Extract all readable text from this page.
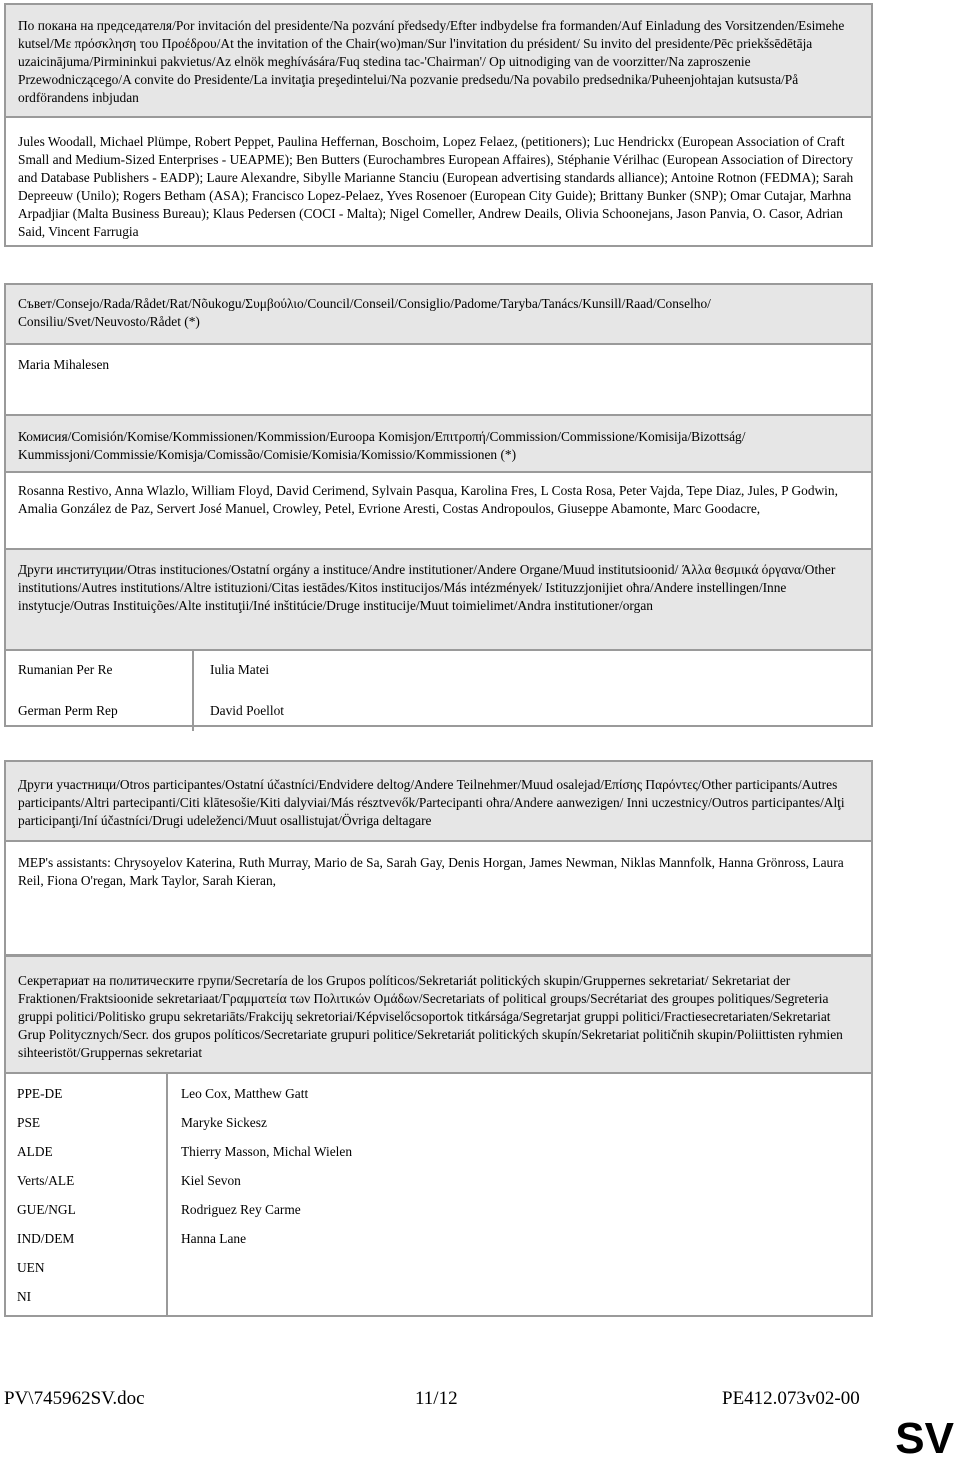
По покана на председателя/Por invitación del presidente/Na pozvání předsedy/Efter indbydelse fra formanden/Auf Einladung des Vorsitzenden/Esimehe kutsel/Με πρόσκληση του Προέδρου/At the invitation of the Chair(wo)man/Sur l'invitation du président/ Su invito del presidente/Pēc priekšsēdētāja uzaicinājuma/Pirmininkui pakvietus/Az elnök meghívására/Fuq stedina tac-'Chairman'/ Op uitnodiging van de voorzitter/Na zaproszenie Przewodniczącego/A convite do Presidente/La invitaţia preşedintelui/Na pozvanie predsedu/Na povabilo predsednika/Puheenjohtajan kutsusta/På ordförandens inbjudan
Jules Woodall, Michael Plümpe, Robert Peppet, Paulina Heffernan, Boschoim, Lopez Felaez, (petitioners); Luc Hendrickx (European Association of Craft Small and Medium-Sized Enterprises - UEAPME); Ben Butters (Eurochambres European Affaires), Stéphanie Vérilhac (European Association of Directory and Database Publishers - EADP); Laure Alexandre, Sibylle Marianne Stanciu (European advertising standards alliance); Antoine Rotnon (FEDMA); Sarah Depreeuw (Unilo); Rogers Betham (ASA); Francisco Lopez-Pelaez, Yves Rosenoer (European City Guide); Brittany Bunker (SNP); Omar Cutajar, Marhna Arpadjiar (Malta Business Bureau); Klaus Pedersen (COCI - Malta); Nigel Comeller, Andrew Deails, Olivia Schoonejans, Jason Panvia, O. Casor, Adrian Said, Vincent Farrugia
Съвет/Consejo/Rada/Rådet/Rat/Nõukogu/Συμβούλιο/Council/Conseil/Consiglio/Padome/Taryba/Tanács/Kunsill/Raad/Conselho/ Consiliu/Svet/Neuvosto/Rådet (*)
Maria Mihalesen
Комисия/Comisión/Komise/Kommissionen/Kommission/Euroopa Komisjon/Επιτροπή/Commission/Commissione/Komisija/Bizottság/ Kummissjoni/Commissie/Komisja/Comissão/Comisie/Komisia/Komissio/Kommissionen (*)
Rosanna Restivo, Anna Wlazlo, William Floyd, David Cerimend, Sylvain Pasqua, Karolina Fres, L Costa Rosa, Peter Vajda, Tepe Diaz, Jules, P Godwin, Amalia González de Paz, Servert José Manuel, Crowley, Petel, Evrione Aresti, Costas Andropoulos, Giuseppe Abamonte, Marc Goodacre,
Други институции/Otras instituciones/Ostatní orgány a instituce/Andre institutioner/Andere Organe/Muud institutsioonid/ Άλλα θεσμικά όργανα/Other institutions/Autres institutions/Altre istituzioni/Citas iestādes/Kitos institucijos/Más intézmények/ Istituzzjonijiet oħra/Andere instellingen/Inne instytucje/Outras Instituições/Alte instituţii/Iné inštitúcie/Druge institucije/Muut toimielimet/Andra institutioner/organ
Rumanian Per Re
German Perm Rep
Iulia Matei
David Poellot
Други участници/Otros participantes/Ostatní účastníci/Endvidere deltog/Andere Teilnehmer/Muud osalejad/Επίσης Παρόντες/Other participants/Autres participants/Altri partecipanti/Citi klātesošie/Kiti dalyviai/Más résztvevők/Partecipanti oħra/Andere aanwezigen/ Inni uczestnicy/Outros participantes/Alţi participanţi/Iní účastníci/Drugi udeleženci/Muut osallistujat/Övriga deltagare
MEP's assistants: Chrysoyelov Katerina, Ruth Murray, Mario de Sa, Sarah Gay, Denis Horgan, James Newman, Niklas Mannfolk, Hanna Grönross, Laura Reil, Fiona O'regan, Mark Taylor, Sarah Kieran,
Секретариат на политическите групи/Secretaría de los Grupos políticos/Sekretariát politických skupin/Gruppernes sekretariat/ Sekretariat der Fraktionen/Fraktsioonide sekretariaat/Γραμματεία των Πολιτικών Ομάδων/Secretariats of political groups/Secrétariat des groupes politiques/Segreteria gruppi politici/Politisko grupu sekretariāts/Frakcijų sekretoriai/Képviselőcsoportok titkársága/Segretarjat gruppi politici/Fractiesecretariaten/Sekretariat Grup Politycznych/Secr. dos grupos políticos/Secretariate grupuri politice/Sekretariát politických skupín/Sekretariat političnih skupin/Poliittisten ryhmien sihteeristöt/Gruppernas sekretariat
PPE-DE
PSE
ALDE
Verts/ALE
GUE/NGL
IND/DEM
UEN
NI
Leo Cox, Matthew Gatt
Maryke Sickesz
Thierry Masson, Michal Wielen
Kiel Sevon
Rodriguez Rey Carme
Hanna Lane
PV\745962SV.doc	11/12	PE412.073v02-00
SV
